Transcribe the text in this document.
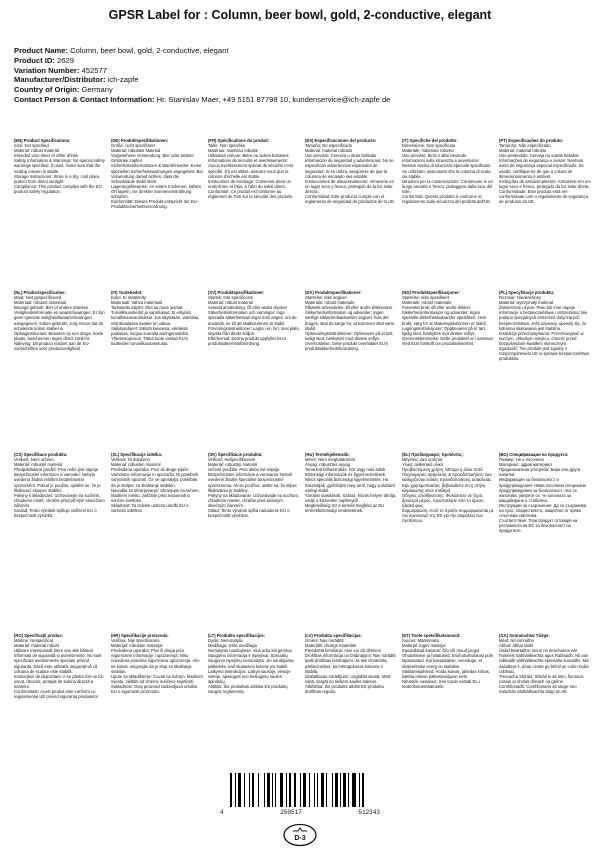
GPSR Label for : Column, beer bowl, gold, 2-conductive, elegant
Product Name: Column, beer bowl, gold, 2-conductive, elegant
Product ID: 2629
Variation Number: 452577
Manufacturer/Distributor: ich-zapfe
Country of Origin: Germany
Contact Person & Contact Information: Hr. Stanislav Maer, +49 5151 87798 10, kundenservice@ich-zapfe.de
(EN) Product Specifications:
Size: Not specified
Material: robust material
Intended Use: Beer or other drinks
Safety Information & Warnings: No special safety warnings specified. If used, make sure that the scaling column is stable.
Storage Instructions: Store in a dry, cool place, protect from direct sunlight.
Compliance: This product complies with the EU product safety regulation.
(DE) Produktspezifikationen:
Größe: nicht spezifiziert
Material: robustes Material
Vorgesehene Verwendung: Bier oder andere Getränke zapfen
Sicherheitsinformationen & Warnhinweise: Keine speziellen Sicherheitswarnungen angegeben. Bei Verwendung darauf achten, dass die Schanksäule stabil steht.
Lagerungshinweise: An einem trockenen, kühlen Ort lagern, vor direkter Sonneneinstrahlung schützen.
Konformität: Dieses Produkt entspricht der EU-Produktsicherheitsverordnung.
(FR) Spécifications du produit:
Taille: Non spécifiée
Matériau: matériau robuste
Utilisation prévue: Bière ou autres boissons
Informations de sécurité et avertissements: Aucun avertissement spécial de sécurité n'est spécifié. S'il est utilisé, assurez-vous que la colonne d'échelle est stable.
Instructions de stockage: Conserver dans un endroit sec et frais, à l'abri du soleil direct.
Conformité: Ce produit est conforme au règlement de l'UE sur la sécurité des produits.
(ES) Especificaciones del producto:
Tamaño: No especificado
Material: material robusto
Uso previsto: Cerveza u otras bebidas
Información de seguridad y advertencias: No se especifican advertencias especiales de seguridad. Si se utiliza, asegúrese de que la columna de escalado sea estable.
Instrucciones de almacenamiento: Almacene en un lugar seco y fresco, protegido de la luz solar directa.
Conformidad: Este producto cumple con el reglamento de seguridad de productos de la UE.
(IT) Specifiche del prodotto:
Dimensione: Non specificata
Materiale: materiale robusto
Uso previsto: Birra o altre bevande
Informazioni sulla sicurezza e avvertenze: Nessun avviso di sicurezza speciale specificato. Se utilizzato, assicurarsi che la colonna di scala sia stabile.
Istruzioni per la conservazione: Conservare in un luogo asciutto e fresco, proteggere dalla luce del sole.
Conformità: Questo prodotto è conforme al regolamento sulla sicurezza dei prodotti dell'UE.
(PT) Especificações do produto:
Tamanho: Não especificado
Material: material robusto
Uso pretendido: Cerveja ou outras bebidas
Informações de segurança e avisos: Nenhum aviso de segurança especial especificado. Se usado, certifique-se de que a coluna de dimensionamento é estável.
Instruções de armazenamento: Armazene em um lugar seco e fresco, protegido da luz solar direta.
Conformidade: Este produto está em conformidade com o regulamento de segurança de produtos da UE.
(NL) Productspecificaties:
Maat: Niet gespecificeerd
Materiaal: robuust materiaal
Beoogd gebruik: Bier of andere dranken
Veiligheidsinformatie en waarschuwingen: Er zijn geen speciale veiligheidswaarschuwingen aangegeven. Indien gebruikt, zorg ervoor dat de schalende kolom stabiel is.
Opslaginstructies: Bewaren op een droge, koele plaats, beschermen tegen direct zonlicht.
Naleving: Dit product voldoet aan de EU-voorschriften voor productveiligheid.
(FI) Tuotetiedot:
Koko: Ei määritelty
Materiaali: Vahva materiaali
Tarkoitettu käyttö: Olut tai muut juomat
Turvallisuustiedot ja varoitukset: Ei erityisiä turvallisuusvaroituksia. Jos käytetään, varmista, että skaalaava sarake on vakaa.
Säilytysohjeet: Säilytä kuivassa, viileässä paikassa, suojaa suoralta auringonvalolta.
Yhteensopivuus: Tämä tuote vastaa EU:n tuotteiden turvallisuusasetusta.
(SV) Produktspecifikationer:
Storlek: Inte specificerat
Material: robust material
Avsedd användning: Öl eller andra drycker
Säkerhetsinformation och varningar: Inga speciella säkerhetsvarningar som anges. om de används, se till att skalkolumnen är stabil.
Förvaringsinstruktioner: Lagra i en torr, sval plats, skydda från direkt solljus.
Efterlevnad: Denna produkt uppfyller EU:s produktsäkerhetsförordning.
(DA) Produktspecifikationer:
Størrelse: Ikke angivet
Materiale: robust materiale
Påtænkt anvendelse: Øl eller andre drikkevarer
Sikkerhedsinformation og advarsler: Ingen særlige sikkerhedsadvarsler angivet. hvis det bruges, skal du sørge for, at kolonnen skal være stabil.
Opbevaringsinstruktioner: Opbevares på et tørt, køligt sted, beskyttes mod direkte sollys.
Overholdelse: Dette produkt overholder EU's produktsikkerhedsforordning.
(NO) Produktspesifikasjoner:
Størrelse: Ikke spesifisert
Materiale: robust materiale
Forventet bruk: Øl eller andre drikker
Sikkerhetsinformasjon og advarsler: Ingen spesielle sikkerhetsadvarsler spesifisert. Hvis brukt, sørg for at skaleringskolonnen er stabil.
Lagringsinstruksjoner: Oppbevares på et tørt, kjølig sted, beskyttes mot direkte sollys.
Overensstemmelse: Dette produktet er i samsvar med EUs forskrift om produktsikkerhet.
(PL) Specyfikacje produktu:
Rozmiar: Nieokreślony
Materiał: wytrzymały materiał
Zamierzone użycie: Piwo lub inne napoje
Informacje o bezpieczeństwie i ostrzeżenia: Nie podano specjalnych ostrzeżeń dotyczących bezpieczeństwa. Jeśli używany, upewnij się, że kolumna skalowania jest stabilna.
Instrukcje przechowywania: Przechowywać w suchym, chłodnym miejscu, chronić przed bezpośrednim światłem słonecznym.
Zgodność: Ten produkt jest zgodny z rozporządzeniem UE w sprawie bezpieczeństwa produktów.
(CS) Specifikace produktu:
Velikost: Není určeno
Materiál: robustní materiál
Předpokládané použití: Pivo nebo jiné nápoje
Bezpečnostní informace a varování: Nebyla uvedena žádná zvláštní bezpečnostní upozornění. Pokud je použito, ujistěte se, že je škálovací sloupec stabilní.
Pokyny k skladování: Uchovávejte na suchém, chladném místě, chraňte před přímým slunečním zářením.
Soulad: Tento výrobek splňuje nařízení EU o bezpečnosti výrobků.
(SL) Specifikacije izdelka:
Velikost: Ni določeno
Material: robusten material
Predvidena uporaba: Pivo ali druge pijače
Varnostne informacije in opozorila: Ni posebnih varnostnih opozoril. Če se uporablja, poskrbite, da je stolpec za skaliranje stabilen.
Navodila za shranjevanje: Shranjujte na suhem, hladnem mestu, zaščitite pred neposredno sončno svetlobo.
Skladnost: Ta izdelek ustreza uredbi EU o varnosti izdelkov.
(SK) Špecifikácie produktu:
Veľkosť: Nešpecifikované
Materiál: robustný materiál
Určené použitie: Pivo alebo iné nápoje
Bezpečnostné informácie a varovania: Neboli uvedené žiadne špeciálne bezpečnostné upozornenia. Ak sa používa, uistite sa, že stĺpec škálovania je stabilný.
Pokyny na skladovanie: Uchovávajte na suchom, chladnom mieste, chráňte pred priamym slnečným žiarením.
Súlad: Tento výrobok spĺňa nariadenie EÚ o bezpečnosti výrobkov.
(HU) Termékjellemzők:
Méret: Nem meghatározott
Anyag: robusztus anyag
Tervezett felhasználás: Sör vagy más italok
Biztonsági információk és figyelmeztetések: Nincs speciális biztonsági figyelmeztetés. Ha használják, győződjön meg arról, hogy a skálázó oszlop stabil.
Tárolási utasítások: Száraz, hűvös helyen tárolja, védje a közvetlen napfénytől.
Megfelelőség: Ez a termék megfelel az EU termékbiztonsági rendeletének.
(EL) Προδιαγραφές προϊόντος:
Μέγεθος: Δεν ορίζεται
Υλικό: ανθεκτικό υλικό
Προβλεπόμενη χρήση: Μπύρα ή άλλα ποτά
Πληροφορίες ασφαλείας & προειδοποιήσεις: Δεν καθορίζονται ειδικές προειδοποιήσεις ασφαλείας. Εάν χρησιμοποιείται, βεβαιωθείτε ότι η στήλη κλιμάκωσης είναι σταθερή.
Οδηγίες αποθήκευσης: Φυλάσσετε σε ξηρό, δροσερό μέρος, προστατέψτε από το άμεσο ηλιακό φως.
Συμμόρφωση: Αυτό το προϊόν συμμορφώνεται με τον κανονισμό της ΕΕ για την ασφάλεια των προϊόντων.
(BG) Спецификации на продукта:
Размер: Не е посочено
Материал: здрав материал
Предназначена употреба: Бира или други напитки
Информация за безопасност и предупреждения: Няма посочени специални предупреждения за безопасност. Ако се използва, уверете се, че колоната за мащабиране е стабилна.
Инструкции за съхранение: Да се съхранява на сухо, хладно място, защитено от пряка слънчева светлина.
Съответствие: Този продукт отговаря на регламента на ЕС за безопасност на продуктите.
(RO) Specificații produs:
Mărime: Nespecificat
Material: material robust
Utilizare intenționată: Bere sau alte băuturi
Informații de siguranță și avertismente: Nu sunt specificate avertismente speciale privind siguranța. Dacă este utilizată, asigurați-vă că coloana de scalare este stabilă.
Instrucțiuni de depozitare: A se păstra într-un loc uscat, răcoros, protejat de lumina directă a soarelui.
Conformitate: Acest produs este conform cu regulamentul UE privind siguranța produselor.
(HR) Specifikacije proizvoda:
Veličina: Nije specificirano
Materijal: robustan materijal
Predviđena uporaba: Pivo ili druga pića
Sigurnosne informacije i upozorenja: Nisu navedena posebna sigurnosna upozorenja. Ako se koristi, osigurajte da je stup za skaliranje stabilan.
Upute za skladištenje: Čuvati na suhom, hladnom mjestu, zaštititi od izravne sunčeve svjetlosti.
Sukladnost: Ovaj proizvod zadovoljava uredbu EU o sigurnosti proizvoda.
(LT) Produkto specifikacijos:
Dydis: Nenurodyta
Medžiaga: tvirta medžiaga
Numatytas naudojimas: Alus arba kiti gėrimai
Saugumo informacija ir įspėjimai: Specialių saugumo įspėjimų nenurodyta. Jei naudojama, įsitikinkite, kad skalavimo kolona yra stabili.
Laikymo instrukcijos: Laikyti sausoje, vėsioje vietoje, apsaugoti nuo tiesioginių saulės spindulių.
Atitiktis: Šis produktas atitinka ES produktų saugos reglamentą.
(LV) Produkta specifikācijas:
Izmērs: Nav norādīts
Materiāls: izturīgs materiāls
Paredzētā lietošana: Alus vai citi dzērieni
Drošības informācija un brīdinājumi: Nav norādīti īpaši drošības brīdinājumi. Ja tiek izmantota, pārliecinieties, ka mērogošanas kolonna ir stabila.
Glabāšanas norādījumi: Uzglabāt sausā, vēsā vietā, sargāt no tiešiem saules stariem.
Atbilstība: Šis produkts atbilst ES produktu drošības regulai.
(ET) Toote spetsifikatsioonid:
Suurus: Määramata
Materjal: tugev materjal
Kavandatud kasutus: Õlu või muud joogid
Ohutusteave ja hoiatused: Eriohutushoiatusi pole täpsustatud. Kui kasutatakse, veenduge, et skaleerimise veerg on stabiilne.
Säilitamisjuhised: Hoida kuivas, jahedas kohas, kaitsta otsese päikesevalguse eest.
Nõuetele vastavus: See toode vastab EL-i tooteohutusmäärusele.
(GA) Sonraíochtaí Táirge:
Méid: Níl sonraithe
Ábhar: ábhar láidir
Úsáid Beartaithe: Beoir nó deochanna eile
Faisnéis Sábháilteachta agus Rabhaidh: Níl aon rabhaidh sábháilteachta speisialta sonraithe. Má úsáidtear é, déan cinnte go bhfuil an colún scála cobhsaí.
Treoracha Stórála: Stóráil in áit tirim, fionnuar, cosain ar sholas díreach na gréine.
Comhlíonadh: Comhlíonann an táirge seo rialachán sábháilteachta táirgí an AE.
4	250517	512343
D-3
